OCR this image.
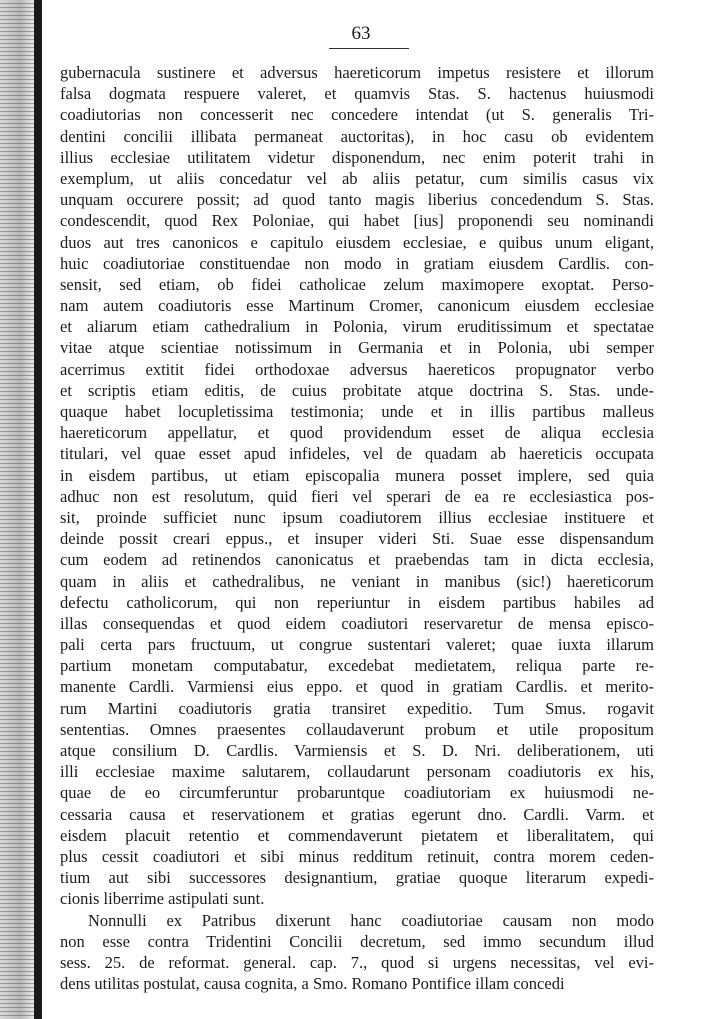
63

gubernacula sustinere et adversus haereticorum impetus resistere et illorum
falsa dogmata respuere valeret, et quamvis Stas. S. hactenus huiusmodi
coadiutorias non concesserit nec concedere intendat (ut S. generalis Tri-
dentini concilii illibata permaneat auctoritas), in hoc casu ob evidentem
illius ecclesiae utilitatem videtur disponendum, nec enim poterit trahi in
exemplum, ut aliis concedatur vel ab aliis petatur, cum similis casus vix
unquam occurere possit; ad quod tanto magis liberius concedendum S. Stas.
condescendit, quod Rex Poloniae, qui habet [ius] proponendi seu nominandi
duos aut tres canonicos e capitulo eiusdem ecclesiae, e quibus unum eligant,
huic coadiutoriae constituendae non modo in gratiam eiusdem Cardlis. con-
sensit, sed etiam, ob fidei catholicae zelum maximopere exoptat. Perso-
nam autem coadiutoris esse Martinum Cromer, canonicum eiusdem ecclesiae
et aliarum etiam cathedralium in Polonia, virum eruditissimum et spectatae
vitae atque scientiae notissimum in Germania et in Polonia, ubi semper
acerrimus extitit fidei orthodoxae adversus haereticos propugnator verbo
et scriptis etiam editis, de cuius probitate atque doctrina S. Stas. unde-
quaque habet locupletissima testimonia; unde et in illis partibus malleus
haereticorum appellatur, et quod providendum esset de aliqua ecclesia
titulari, vel quae esset apud infideles, vel de quadam ab haereticis occupata
in eisdem partibus, ut etiam episcopalia munera posset implere, sed quia
adhuc non est resolutum, quid fieri vel sperari de ea re ecclesiastica pos-
sit, proinde sufficiet nunc ipsum coadiutorem illius ecclesiae instituere et
deinde possit creari eppus., et insuper videri Sti. Suae esse dispensandum
cum eodem ad retinendos canonicatus et praebendas tam in dicta ecclesia,
quam in aliis et cathedralibus, ne veniant in manibus (sic!) haereticorum
defectu catholicorum, qui non reperiuntur in eisdem partibus habiles ad
illas consequendas et quod eidem coadiutori reservaretur de mensa episco-
pali certa pars fructuum, ut congrue sustentari valeret; quae iuxta illarum
partium monetam computabatur, excedebat medietatem, reliqua parte re-
manente Cardli. Varmiensi eius eppo. et quod in gratiam Cardlis. et merito-
rum Martini coadiutoris gratia transiret expeditio. Tum Smus. rogavit
sententias. Omnes praesentes collaudaverunt probum et utile propositum
atque consilium D. Cardlis. Varmiensis et S. D. Nri. deliberationem, uti
illi ecclesiae maxime salutarem, collaudarunt personam coadiutoris ex his,
quae de eo circumferuntur probaruntque coadiutoriam ex huiusmodi ne-
cessaria causa et reservationem et gratias egerunt dno. Cardli. Varm. et
eisdem placuit retentio et commendaverunt pietatem et liberalitatem, qui
plus cessit coadiutori et sibi minus redditum retinuit, contra morem ceden-
tium aut sibi successores designantium, gratiae quoque literarum expedi-
cionis liberrime astipulati sunt.

Nonnulli ex Patribus dixerunt hanc coadiutoriae causam non modo
non esse contra Tridentini Concilii decretum, sed immo secundum illud
sess. 25. de reformat. general. cap. 7., quod si urgens necessitas, vel evi-
dens utilitas postulat, causa cognita, a Smo. Romano Pontifice illam concedi
